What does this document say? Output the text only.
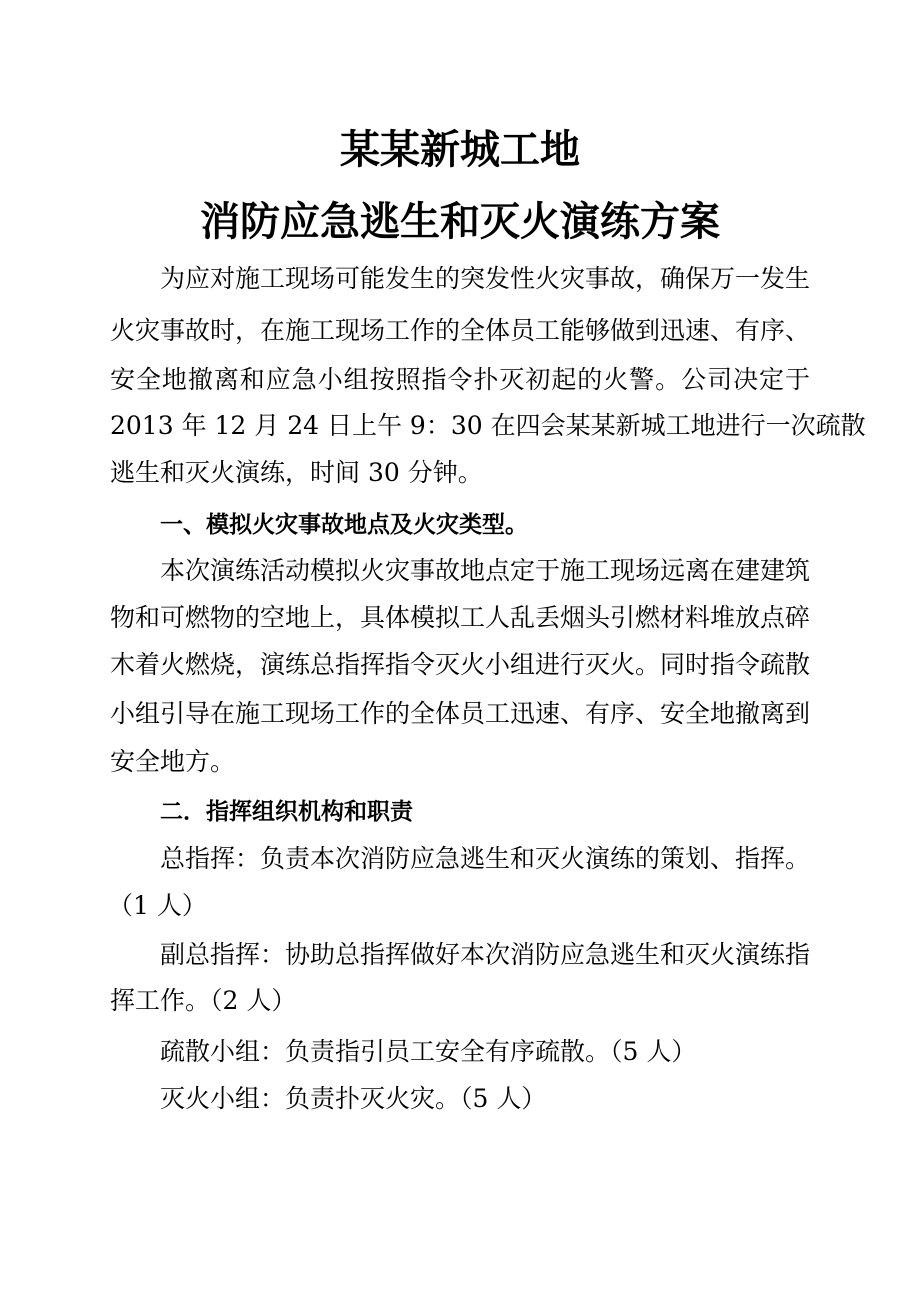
某某新城工地
消防应急逃生和灭火演练方案
为应对施工现场可能发生的突发性火灾事故，确保万一发生
火灾事故时，在施工现场工作的全体员工能够做到迅速、有序、
安全地撤离和应急小组按照指令扑灭初起的火警。公司决定于
2013 年 12 月 24 日上午 9：30 在四会某某新城工地进行一次疏散
逃生和灭火演练，时间 30 分钟。
一、模拟火灾事故地点及火灾类型。
本次演练活动模拟火灾事故地点定于施工现场远离在建建筑
物和可燃物的空地上，具体模拟工人乱丢烟头引燃材料堆放点碎
木着火燃烧，演练总指挥指令灭火小组进行灭火。同时指令疏散
小组引导在施工现场工作的全体员工迅速、有序、安全地撤离到
安全地方。
二．指挥组织机构和职责
总指挥：负责本次消防应急逃生和灭火演练的策划、指挥。
（1 人）
副总指挥：协助总指挥做好本次消防应急逃生和灭火演练指
挥工作。（2 人）
疏散小组：负责指引员工安全有序疏散。（5 人）
灭火小组：负责扑灭火灾。（5 人）
